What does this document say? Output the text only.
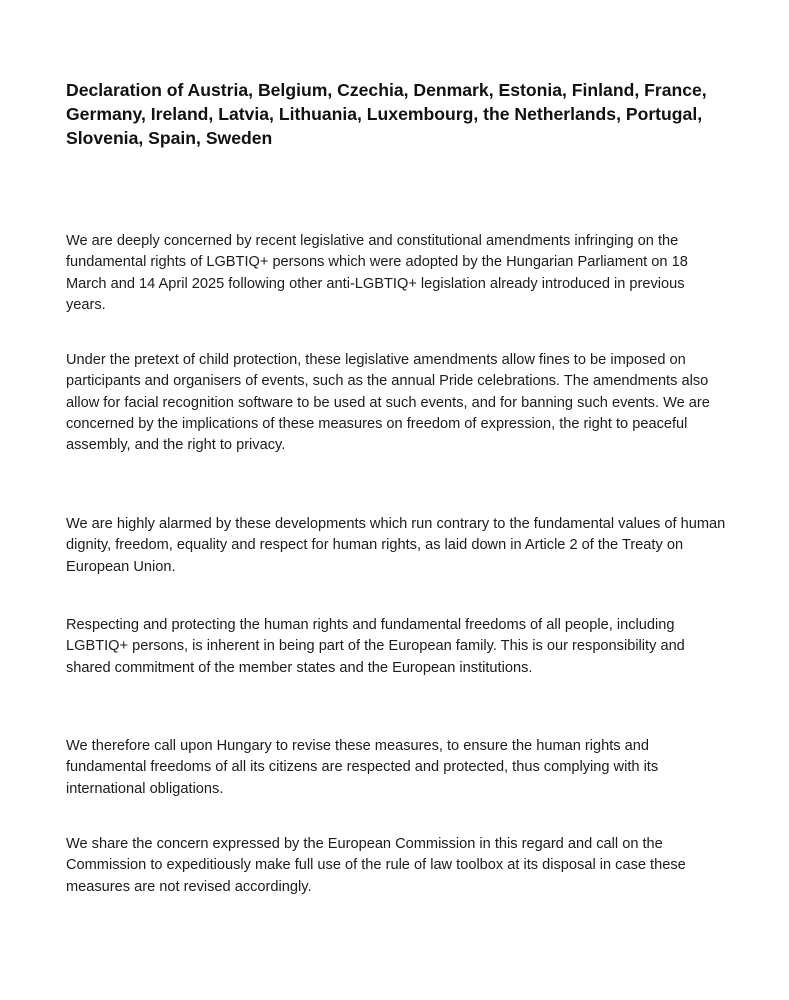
Declaration of Austria, Belgium, Czechia, Denmark, Estonia, Finland, France, Germany, Ireland, Latvia, Lithuania, Luxembourg, the Netherlands, Portugal, Slovenia, Spain, Sweden

We are deeply concerned by recent legislative and constitutional amendments infringing on the fundamental rights of LGBTIQ+ persons which were adopted by the Hungarian Parliament on 18 March and 14 April 2025 following other anti-LGBTIQ+ legislation already introduced in previous years.

Under the pretext of child protection, these legislative amendments allow fines to be imposed on participants and organisers of events, such as the annual Pride celebrations. The amendments also allow for facial recognition software to be used at such events, and for banning such events. We are concerned by the implications of these measures on freedom of expression, the right to peaceful assembly, and the right to privacy.

We are highly alarmed by these developments which run contrary to the fundamental values of human dignity, freedom, equality and respect for human rights, as laid down in Article 2 of the Treaty on European Union.

Respecting and protecting the human rights and fundamental freedoms of all people, including LGBTIQ+ persons, is inherent in being part of the European family. This is our responsibility and shared commitment of the member states and the European institutions.

We therefore call upon Hungary to revise these measures, to ensure the human rights and fundamental freedoms of all its citizens are respected and protected, thus complying with its international obligations.

We share the concern expressed by the European Commission in this regard and call on the Commission to expeditiously make full use of the rule of law toolbox at its disposal in case these measures are not revised accordingly.
